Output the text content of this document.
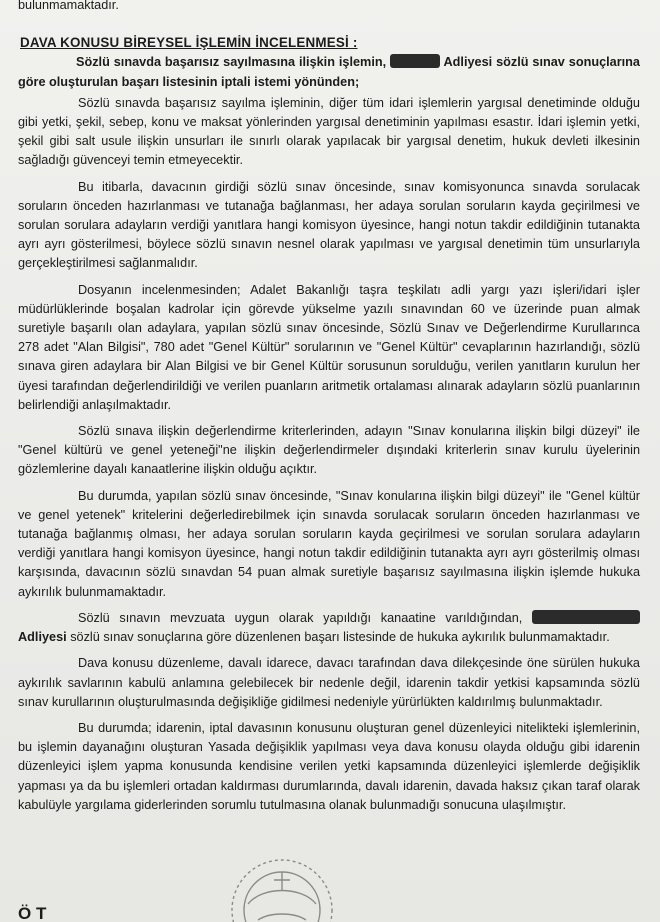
bulunmamaktadır.
DAVA KONUSU BİREYSEL İŞLEMİN İNCELENMESİ :
Sözlü sınavda başarısız sayılmasına ilişkin işlemin,	Adliyesi sözlü sınav sonuçlarına göre oluşturulan başarı listesinin iptali istemi yönünden;

Sözlü sınavda başarısız sayılma işleminin, diğer tüm idari işlemlerin yargısal denetiminde olduğu gibi yetki, şekil, sebep, konu ve maksat yönlerinden yargısal denetiminin yapılması esastır. İdari işlemin yetki, şekil gibi salt usule ilişkin unsurları ile sınırlı olarak yapılacak bir yargısal denetim, hukuk devleti ilkesinin sağladığı güvenceyi temin etmeyecektir.

Bu itibarla, davacının girdiği sözlü sınav öncesinde, sınav komisyonunca sınavda sorulacak soruların önceden hazırlanması ve tutanağa bağlanması, her adaya sorulan soruların kayda geçirilmesi ve sorulan sorulara adayların verdiği yanıtlara hangi komisyon üyesince, hangi notun takdir edildiğinin tutanakta ayrı ayrı gösterilmesi, böylece sözlü sınavın nesnel olarak yapılması ve yargısal denetimin tüm unsurlarıyla gerçekleştirilmesi sağlanmalıdır.

Dosyanın incelenmesinden; Adalet Bakanlığı taşra teşkilatı adli yargı yazı işleri/idari işler müdürlüklerinde boşalan kadrolar için görevde yükselme yazılı sınavından 60 ve üzerinde puan almak suretiyle başarılı olan adaylara, yapılan sözlü sınav öncesinde, Sözlü Sınav ve Değerlendirme Kurullarınca 278 adet "Alan Bilgisi", 780 adet "Genel Kültür" sorularının ve "Genel Kültür" cevaplarının hazırlandığı, sözlü sınava giren adaylara bir Alan Bilgisi ve bir Genel Kültür sorusunun sorulduğu, verilen yanıtların kurulun her üyesi tarafından değerlendirildiği ve verilen puanların aritmetik ortalaması alınarak adayların sözlü puanlarının belirlendiği anlaşılmaktadır.

Sözlü sınava ilişkin değerlendirme kriterlerinden, adayın "Sınav konularına ilişkin bilgi düzeyi" ile "Genel kültürü ve genel yeteneği"ne ilişkin değerlendirmeler dışındaki kriterlerin sınav kurulu üyelerinin gözlemlerine dayalı kanaatlerine ilişkin olduğu açıktır.

Bu durumda, yapılan sözlü sınav öncesinde, "Sınav konularına ilişkin bilgi düzeyi" ile "Genel kültür ve genel yetenek" kritelerini değerledirebilmek için sınavda sorulacak soruların önceden hazırlanması ve tutanağa bağlanmış olması, her adaya sorulan soruların kayda geçirilmesi ve sorulan sorulara adayların verdiği yanıtlara hangi komisyon üyesince, hangi notun takdir edildiğinin tutanakta ayrı ayrı gösterilmiş olması karşısında, davacının sözlü sınavdan 54 puan almak suretiyle başarısız sayılmasına ilişkin işlemde hukuka aykırılık bulunmamaktadır.

Sözlü sınavın mevzuata uygun olarak yapıldığı kanaatine varıldığından,  Adliyesi sözlü sınav sonuçlarına göre düzenlenen başarı listesinde de hukuka aykırılık bulunmamaktadır.

Dava konusu düzenleme, davalı idarece, davacı tarafından dava dilekçesinde öne sürülen hukuka aykırılık savlarının kabulü anlamına gelebilecek bir nedenle değil, idarenin takdir yetkisi kapsamında sözlü sınav kurullarının oluşturulmasında değişikliğe gidilmesi nedeniyle yürürlükten kaldırılmış bulunmaktadır.

Bu durumda; idarenin, iptal davasının konusunu oluşturan genel düzenleyici nitelikteki işlemlerinin, bu işlemin dayanağını oluşturan Yasada değişiklik yapılması veya dava konusu olayda olduğu gibi idarenin düzenleyici işlem yapma konusunda kendisine verilen yetki kapsamında düzenleyici işlemlerde değişiklik yapması ya da bu işlemleri ortadan kaldırması durumlarında, davalı idarenin, davada haksız çıkan taraf olarak kabulüyle yargılama giderlerinden sorumlu tutulmasına olanak bulunmadığı sonucuna ulaşılmıştır.

Ö T
